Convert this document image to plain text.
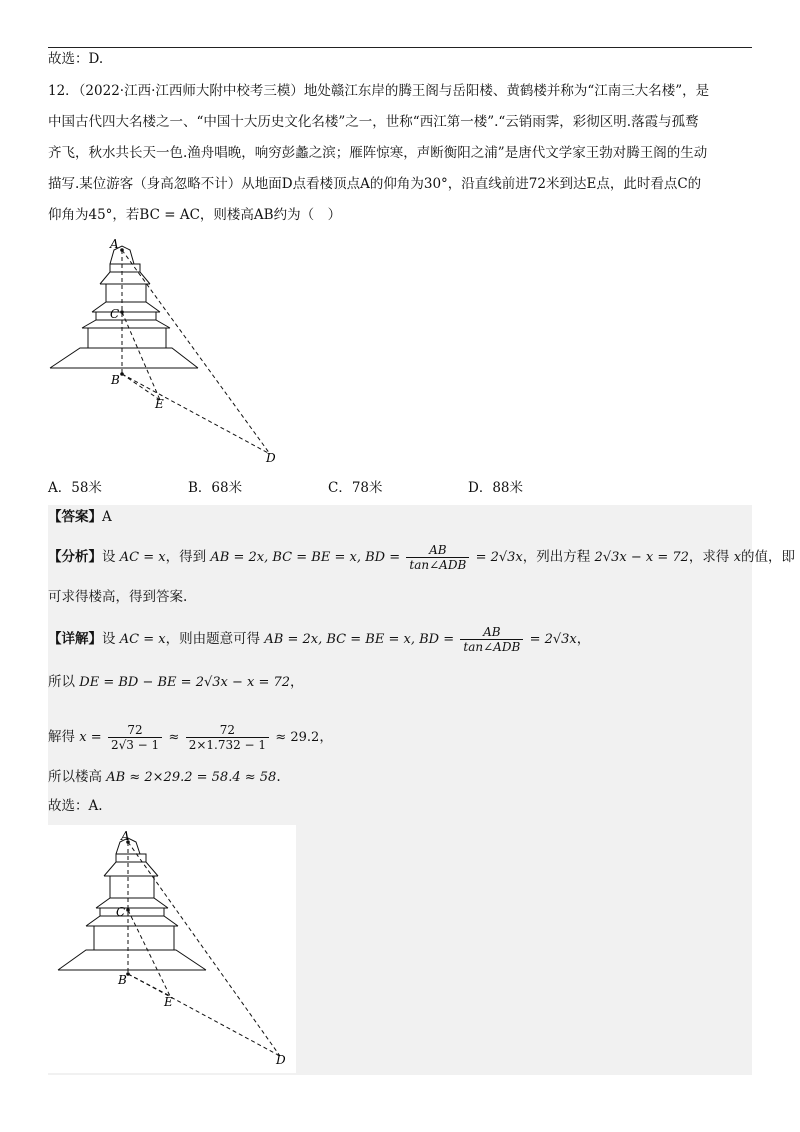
故选：D.
12．（2022·江西·江西师大附中校考三模）地处赣江东岸的腾王阁与岳阳楼、黄鹤楼并称为“江南三大名楼”，是
中国古代四大名楼之一、“中国十大历史文化名楼”之一，世称“西江第一楼”.“云销雨霁，彩彻区明.落霞与孤鹜
齐飞，秋水共长天一色.渔舟唱晚，响穷彭蠡之滨；雁阵惊寒，声断衡阳之浦”是唐代文学家王勃对腾王阁的生动
描写.某位游客（身高忽略不计）从地面D点看楼顶点A的仰角为30°，沿直线前进72米到达E点，此时看点C的
仰角为45°，若BC = AC，则楼高AB约为（　）
A
C
B
E
D
A．58米	B．68米	C．78米	D．88米
【答案】A
【分析】设 AC = x，得到 AB = 2x, BC = BE = x, BD = $\frac{AB}{\text{tan∠ADB}} = 2√3x$，列出方程 2√3x − x = 72，求得 x的值，即
可求得楼高，得到答案.
【详解】设 AC = x，则由题意可得 AB = 2x, BC = BE = x, BD = $\frac{AB}{\text{tan∠ADB}} = 2√3x$，
所以 DE = BD − BE = 2√3x − x = 72，
解得 $x = \frac{72}{2√3 - 1} \approx \frac{72}{2\times 1.732 - 1} \approx 29.2$，
所以楼高 AB ≈ 2×29.2 = 58.4 ≈ 58.
故选：A.
A
C
B
E
D
